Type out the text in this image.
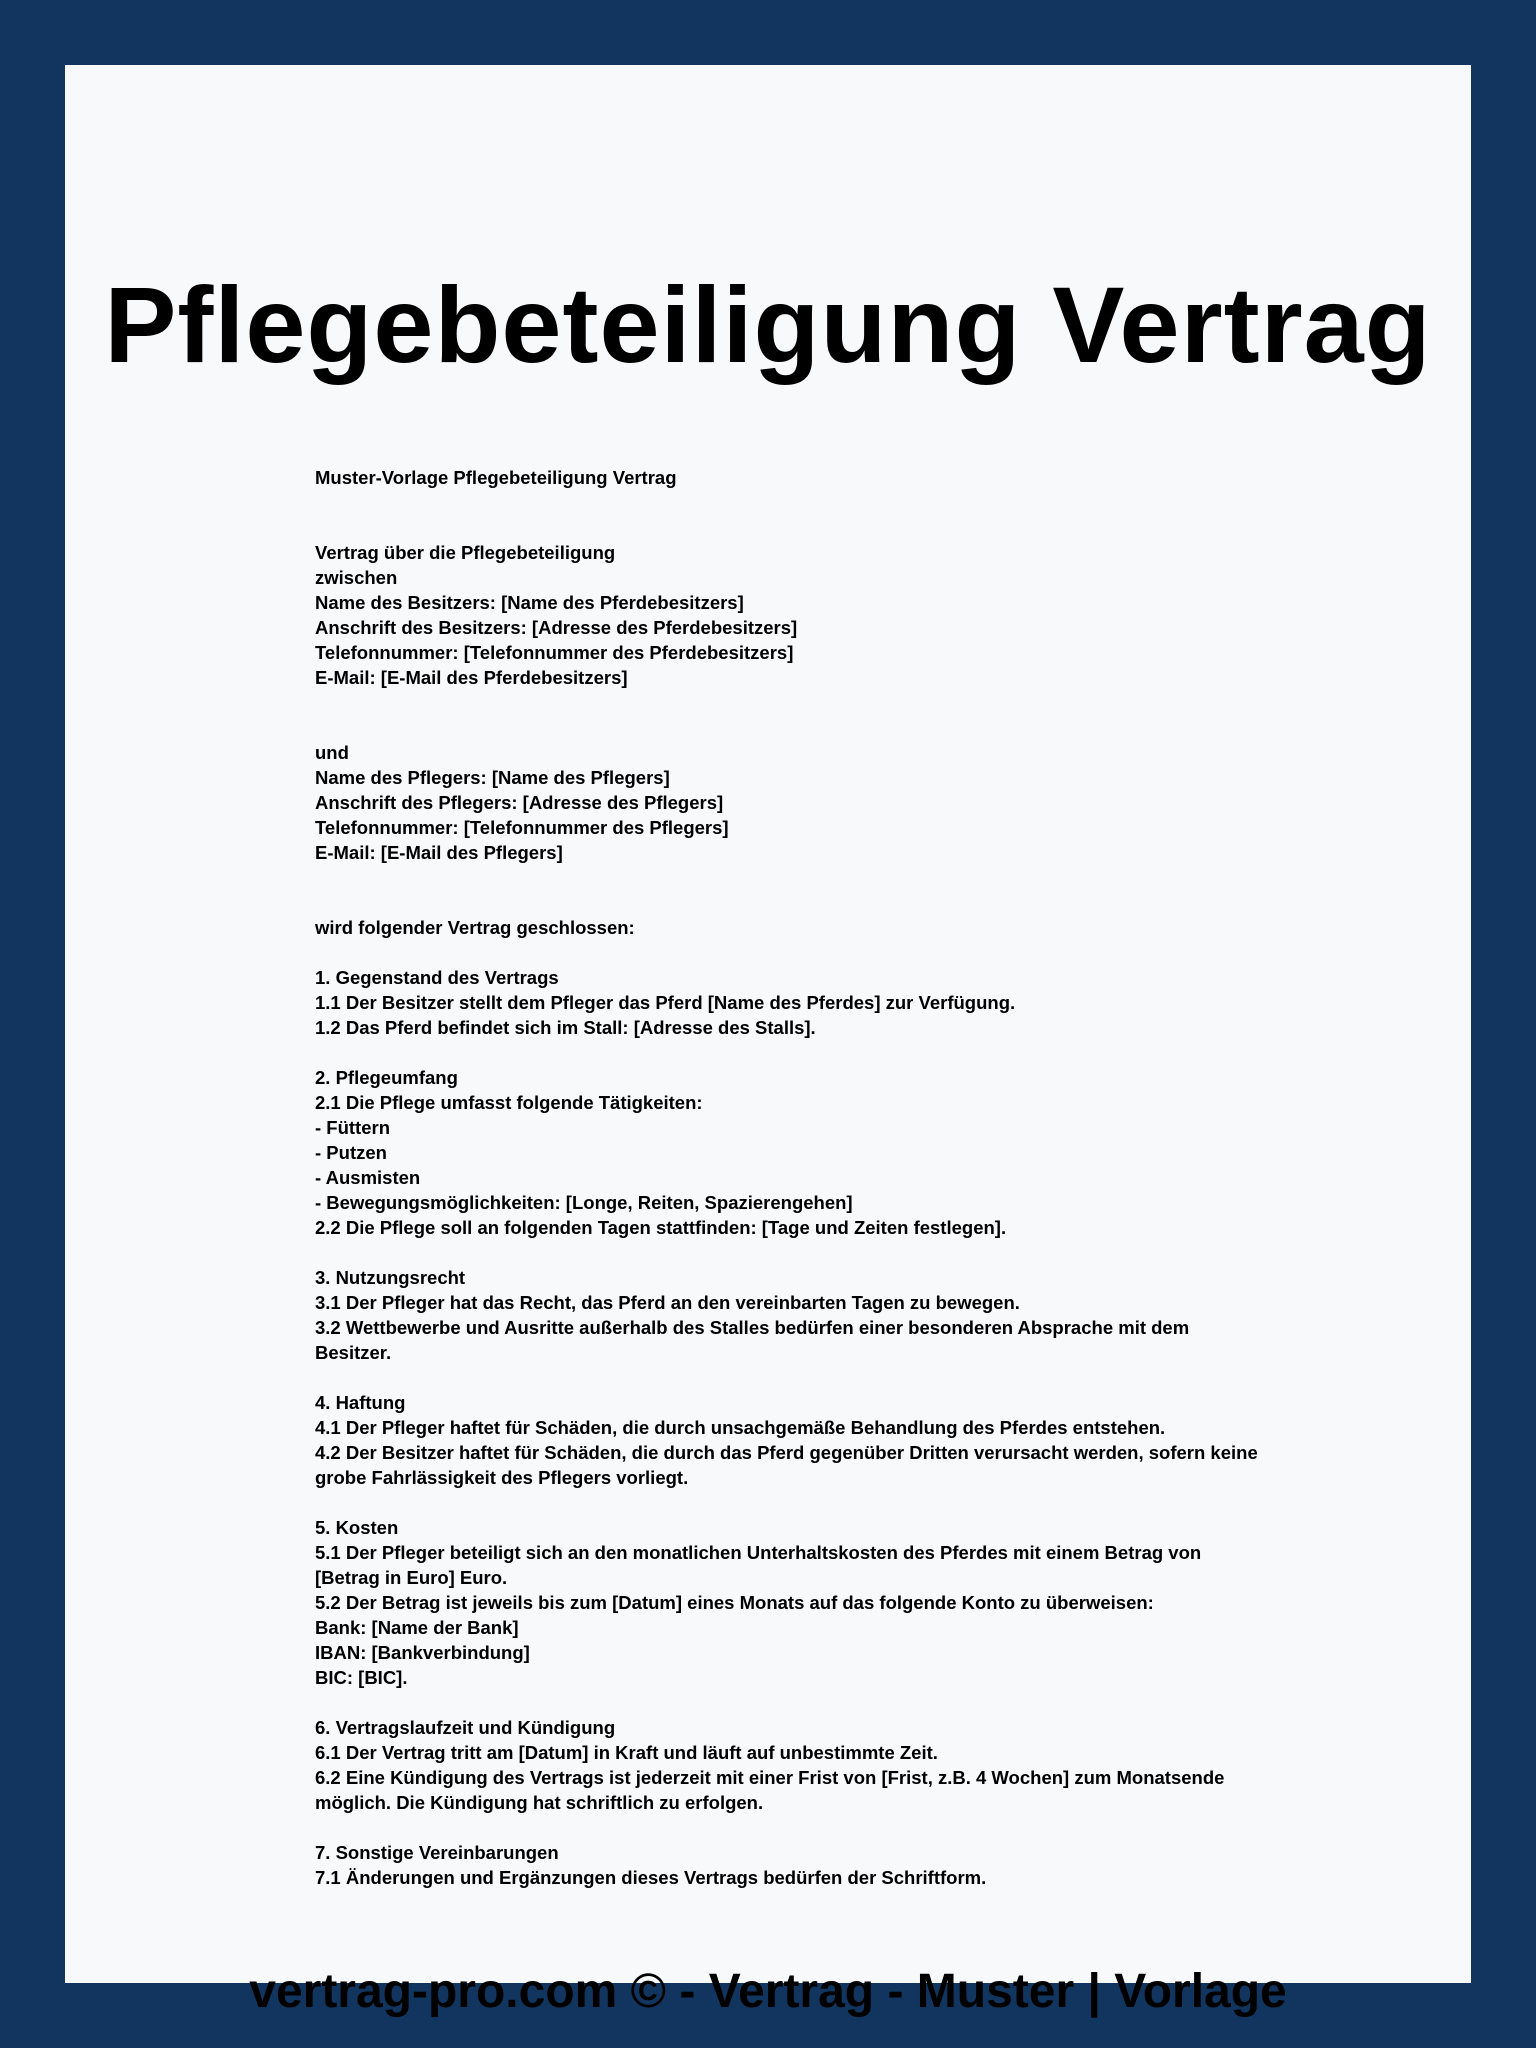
Pflegebeteiligung Vertrag
Muster-Vorlage Pflegebeteiligung Vertrag
Vertrag über die Pflegebeteiligung
zwischen
Name des Besitzers: [Name des Pferdebesitzers]
Anschrift des Besitzers: [Adresse des Pferdebesitzers]
Telefonnummer: [Telefonnummer des Pferdebesitzers]
E-Mail: [E-Mail des Pferdebesitzers]
und
Name des Pflegers: [Name des Pflegers]
Anschrift des Pflegers: [Adresse des Pflegers]
Telefonnummer: [Telefonnummer des Pflegers]
E-Mail: [E-Mail des Pflegers]
wird folgender Vertrag geschlossen:
1. Gegenstand des Vertrags
1.1 Der Besitzer stellt dem Pfleger das Pferd [Name des Pferdes] zur Verfügung.
1.2 Das Pferd befindet sich im Stall: [Adresse des Stalls].
2. Pflegeumfang
2.1 Die Pflege umfasst folgende Tätigkeiten:
- Füttern
- Putzen
- Ausmisten
- Bewegungsmöglichkeiten: [Longe, Reiten, Spazierengehen]
2.2 Die Pflege soll an folgenden Tagen stattfinden: [Tage und Zeiten festlegen].
3. Nutzungsrecht
3.1 Der Pfleger hat das Recht, das Pferd an den vereinbarten Tagen zu bewegen.
3.2 Wettbewerbe und Ausritte außerhalb des Stalles bedürfen einer besonderen Absprache mit dem
Besitzer.
4. Haftung
4.1 Der Pfleger haftet für Schäden, die durch unsachgemäße Behandlung des Pferdes entstehen.
4.2 Der Besitzer haftet für Schäden, die durch das Pferd gegenüber Dritten verursacht werden, sofern keine
grobe Fahrlässigkeit des Pflegers vorliegt.
5. Kosten
5.1 Der Pfleger beteiligt sich an den monatlichen Unterhaltskosten des Pferdes mit einem Betrag von
[Betrag in Euro] Euro.
5.2 Der Betrag ist jeweils bis zum [Datum] eines Monats auf das folgende Konto zu überweisen:
Bank: [Name der Bank]
IBAN: [Bankverbindung]
BIC: [BIC].
6. Vertragslaufzeit und Kündigung
6.1 Der Vertrag tritt am [Datum] in Kraft und läuft auf unbestimmte Zeit.
6.2 Eine Kündigung des Vertrags ist jederzeit mit einer Frist von [Frist, z.B. 4 Wochen] zum Monatsende
möglich. Die Kündigung hat schriftlich zu erfolgen.
7. Sonstige Vereinbarungen
7.1 Änderungen und Ergänzungen dieses Vertrags bedürfen der Schriftform.
vertrag-pro.com © - Vertrag - Muster | Vorlage
